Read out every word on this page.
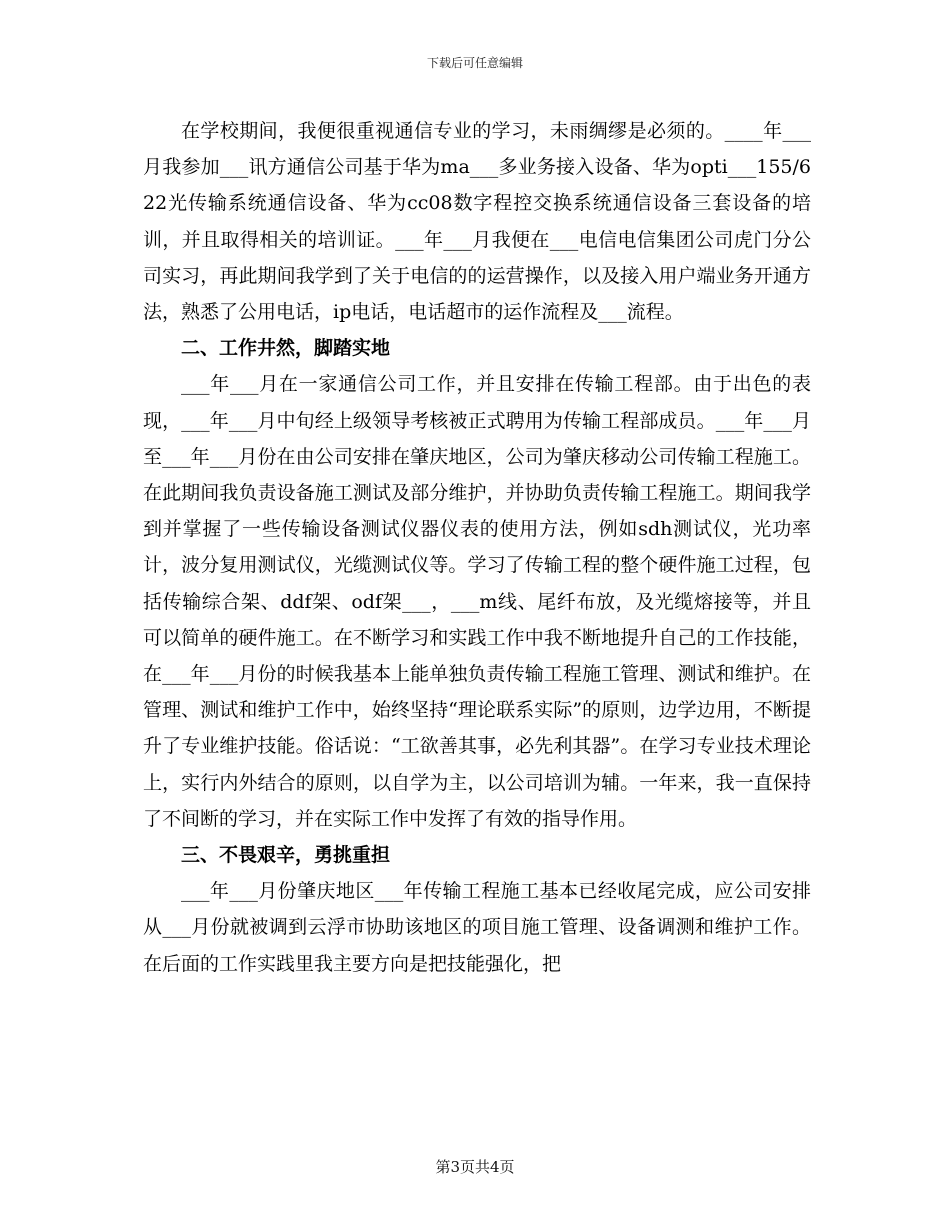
下载后可任意编辑

在学校期间，我便很重视通信专业的学习，未雨绸缪是必须的。____年___月我参加___讯方通信公司基于华为ma___多业务接入设备、华为opti___155/622光传输系统通信设备、华为cc08数字程控交换系统通信设备三套设备的培训，并且取得相关的培训证。___年___月我便在___电信电信集团公司虎门分公司实习，再此期间我学到了关于电信的的运营操作，以及接入用户端业务开通方法，熟悉了公用电话，ip电话，电话超市的运作流程及___流程。

二、工作井然，脚踏实地

___年___月在一家通信公司工作，并且安排在传输工程部。由于出色的表现，___年___月中旬经上级领导考核被正式聘用为传输工程部成员。___年___月至___年___月份在由公司安排在肇庆地区，公司为肇庆移动公司传输工程施工。在此期间我负责设备施工测试及部分维护，并协助负责传输工程施工。期间我学到并掌握了一些传输设备测试仪器仪表的使用方法，例如sdh测试仪，光功率计，波分复用测试仪，光缆测试仪等。学习了传输工程的整个硬件施工过程，包括传输综合架、ddf架、odf架___，___m线、尾纤布放，及光缆熔接等，并且可以简单的硬件施工。在不断学习和实践工作中我不断地提升自己的工作技能，在___年___月份的时候我基本上能单独负责传输工程施工管理、测试和维护。在管理、测试和维护工作中，始终坚持“理论联系实际”的原则，边学边用，不断提升了专业维护技能。俗话说：“工欲善其事，必先利其器”。在学习专业技术理论上，实行内外结合的原则，以自学为主，以公司培训为辅。一年来，我一直保持了不间断的学习，并在实际工作中发挥了有效的指导作用。

三、不畏艰辛，勇挑重担

___年___月份肇庆地区___年传输工程施工基本已经收尾完成，应公司安排从___月份就被调到云浮市协助该地区的项目施工管理、设备调测和维护工作。在后面的工作实践里我主要方向是把技能强化，把

第3页共4页
